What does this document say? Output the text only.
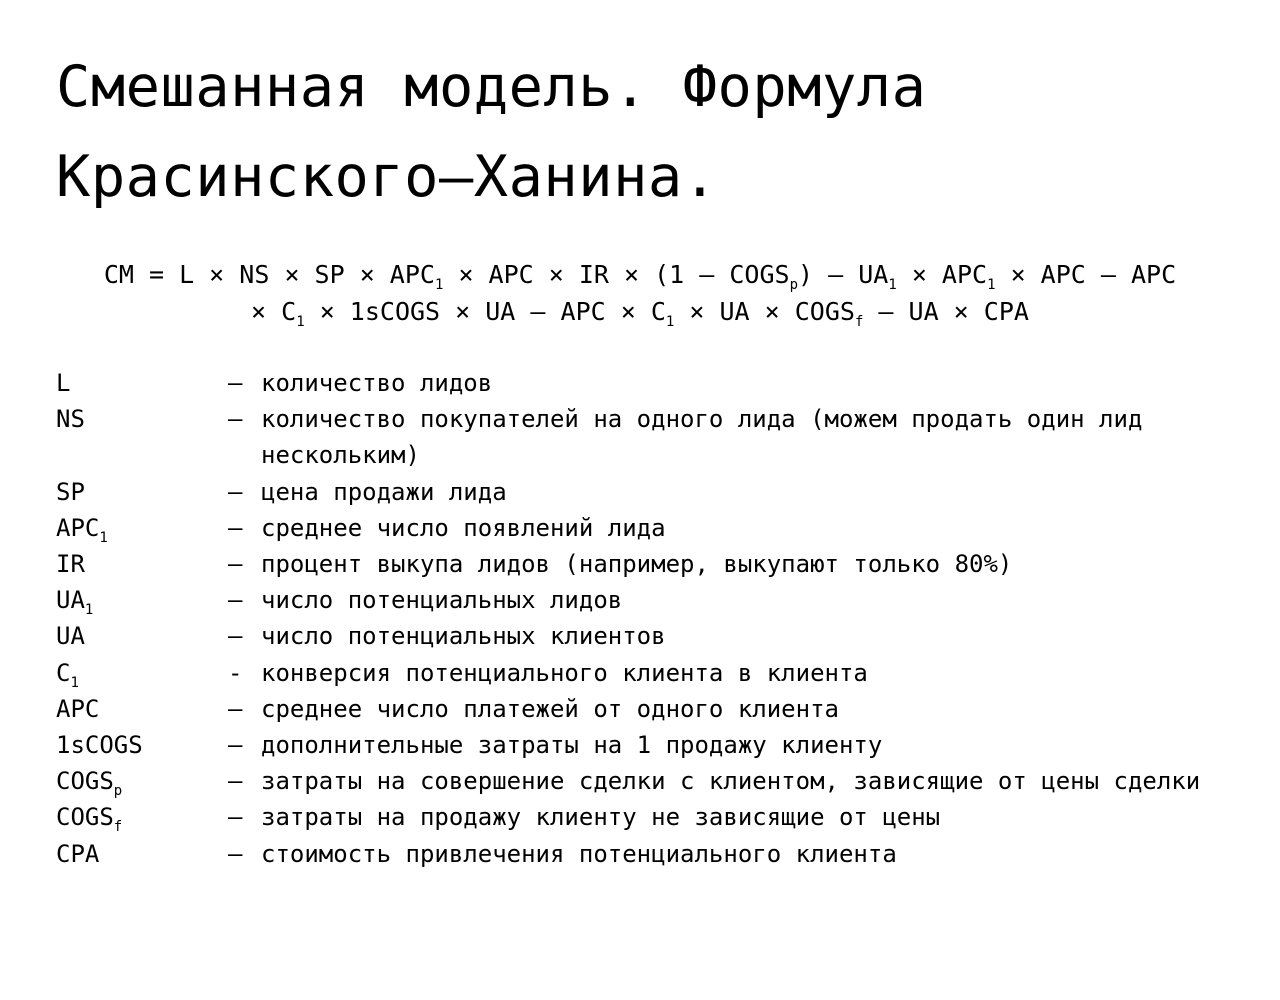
Смешанная модель. Формула
Красинского–Ханина.
CM = L × NS × SP × $APC_1$ × APC × IR × $(1 - COGS_p) - UA_1 \times APC_1$ × APC – APC
× $C_1$ × 1sCOGS × UA – APC × $C_1$ × UA × $COGS_f$ – UA × CPA
L	– количество лидов
NS	– количество покупателей на одного лида (можем продать один лид нескольким)
SP	– цена продажи лида
$APC_1$	– среднее число появлений лида
IR	– процент выкупа лидов (например, выкупают только 80%)
$UA_1$	– число потенциальных лидов
UA	– число потенциальных клиентов
$C_1$	- конверсия потенциального клиента в клиента
APC	– среднее число платежей от одного клиента
1sCOGS	– дополнительные затраты на 1 продажу клиенту
$COGS_p$	– затраты на совершение сделки с клиентом, зависящие от цены сделки
$COGS_f$	– затраты на продажу клиенту не зависящие от цены
CPA	– стоимость привлечения потенциального клиента
